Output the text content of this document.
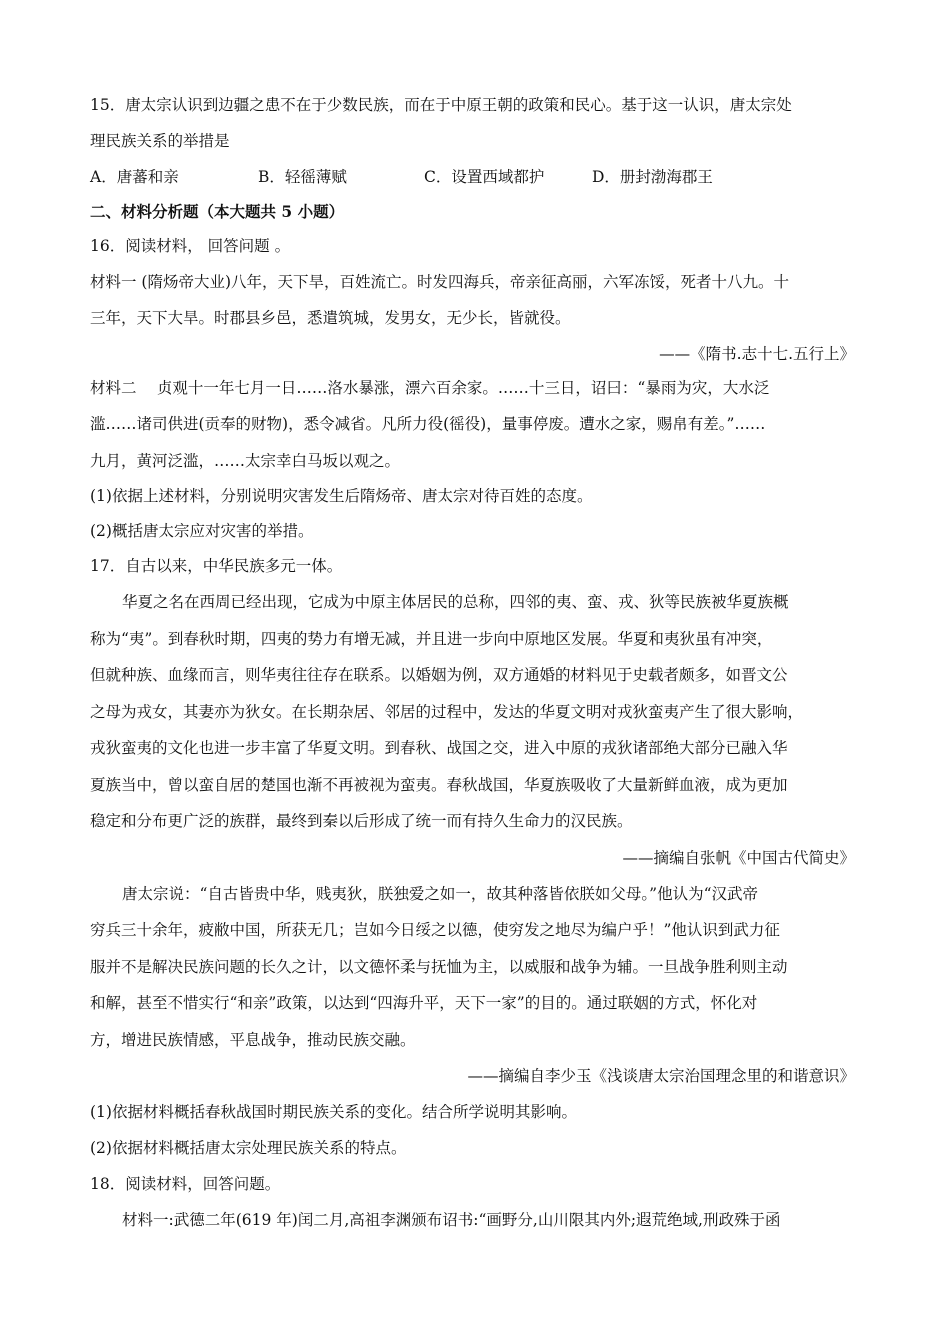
15．唐太宗认识到边疆之患不在于少数民族，而在于中原王朝的政策和民心。基于这一认识，唐太宗处
理民族关系的举措是
A．唐蕃和亲	B．轻徭薄赋	C．设置西域都护	D．册封渤海郡王
二、材料分析题（本大题共 5 小题）
16．阅读材料， 回答问题 。
材料一 (隋炀帝大业)八年，天下旱，百姓流亡。时发四海兵，帝亲征高丽，六军冻馁，死者十八九。十
三年，天下大旱。时郡县乡邑，悉遣筑城，发男女，无少长，皆就役。
——《隋书.志十七.五行上》
材料二　 贞观十一年七月一日……洛水暴涨，漂六百余家。……十三日，诏曰：“暴雨为灾，大水泛
滥……诸司供进(贡奉的财物)，悉令减省。凡所力役(徭役)，量事停废。遭水之家，赐帛有差。”……
九月，黄河泛滥，……太宗幸白马坂以观之。
(1)依据上述材料，分别说明灾害发生后隋炀帝、唐太宗对待百姓的态度。
(2)概括唐太宗应对灾害的举措。
17．自古以来，中华民族多元一体。
华夏之名在西周已经出现，它成为中原主体居民的总称，四邻的夷、蛮、戎、狄等民族被华夏族概
称为“夷”。到春秋时期，四夷的势力有增无减，并且进一步向中原地区发展。华夏和夷狄虽有冲突，
但就种族、血缘而言，则华夷往往存在联系。以婚姻为例，双方通婚的材料见于史载者颇多，如晋文公
之母为戎女，其妻亦为狄女。在长期杂居、邻居的过程中，发达的华夏文明对戎狄蛮夷产生了很大影响，
戎狄蛮夷的文化也进一步丰富了华夏文明。到春秋、战国之交，进入中原的戎狄诸部绝大部分已融入华
夏族当中，曾以蛮自居的楚国也渐不再被视为蛮夷。春秋战国，华夏族吸收了大量新鲜血液，成为更加
稳定和分布更广泛的族群，最终到秦以后形成了统一而有持久生命力的汉民族。
——摘编自张帆《中国古代简史》
唐太宗说：“自古皆贵中华，贱夷狄，朕独爱之如一，故其种落皆依朕如父母。”他认为“汉武帝
穷兵三十余年，疲敝中国，所获无几；岂如今日绥之以德，使穷发之地尽为编户乎！”他认识到武力征
服并不是解决民族问题的长久之计，以文德怀柔与抚恤为主，以威服和战争为辅。一旦战争胜利则主动
和解，甚至不惜实行“和亲”政策，以达到“四海升平，天下一家”的目的。通过联姻的方式，怀化对
方，增进民族情感，平息战争，推动民族交融。
——摘编自李少玉《浅谈唐太宗治国理念里的和谐意识》
(1)依据材料概括春秋战国时期民族关系的变化。结合所学说明其影响。
(2)依据材料概括唐太宗处理民族关系的特点。
18．阅读材料，回答问题。
材料一:武德二年(619 年)闰二月,高祖李渊颁布诏书:“画野分,山川限其内外;遐荒绝域,刑政殊于函
